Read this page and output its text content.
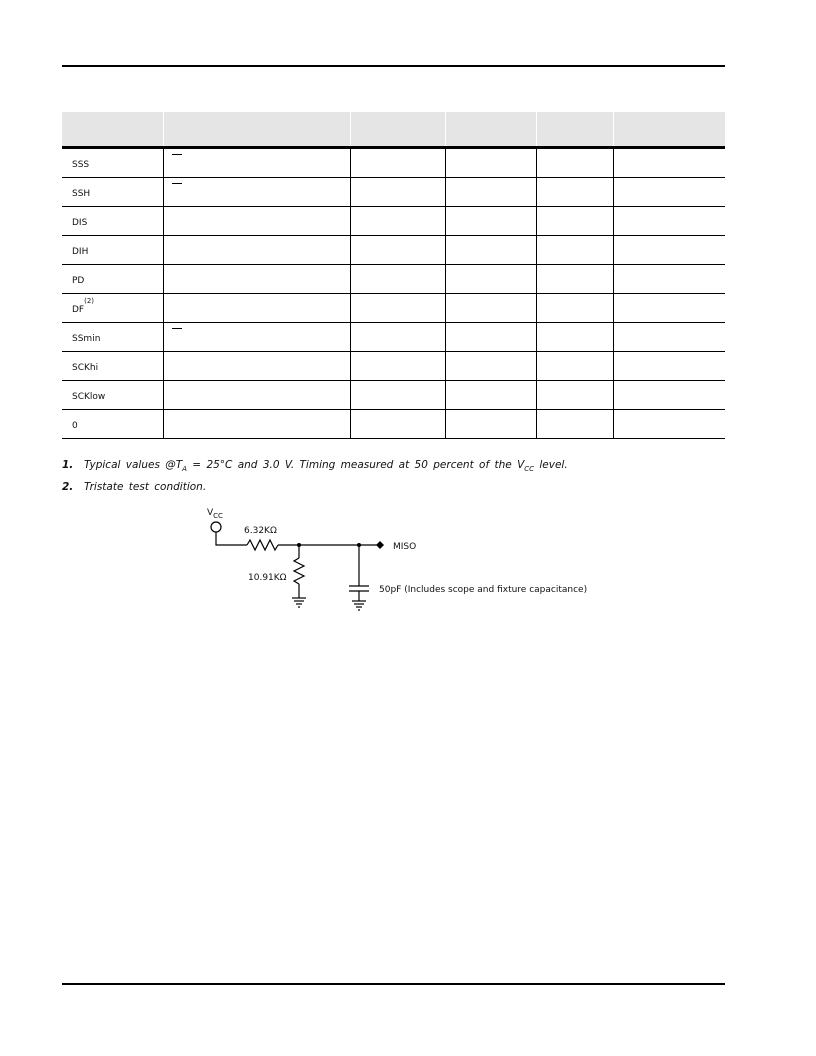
SSS	

SSH	

DIS					
DIH					
PD					
DF$^{(2)}$					
SSmin	

SCKhi					
SCKlow					
0					
1. Typical values $@T_A = 25^\circ C$ and 3.0 V. Timing measured at 50 percent of the $V_{CC}$ level.
2. Tristate test condition.
$V_{CC}$
6.32KΩ
10.91KΩ
MISO
50pF (Includes scope and fixture capacitance)
